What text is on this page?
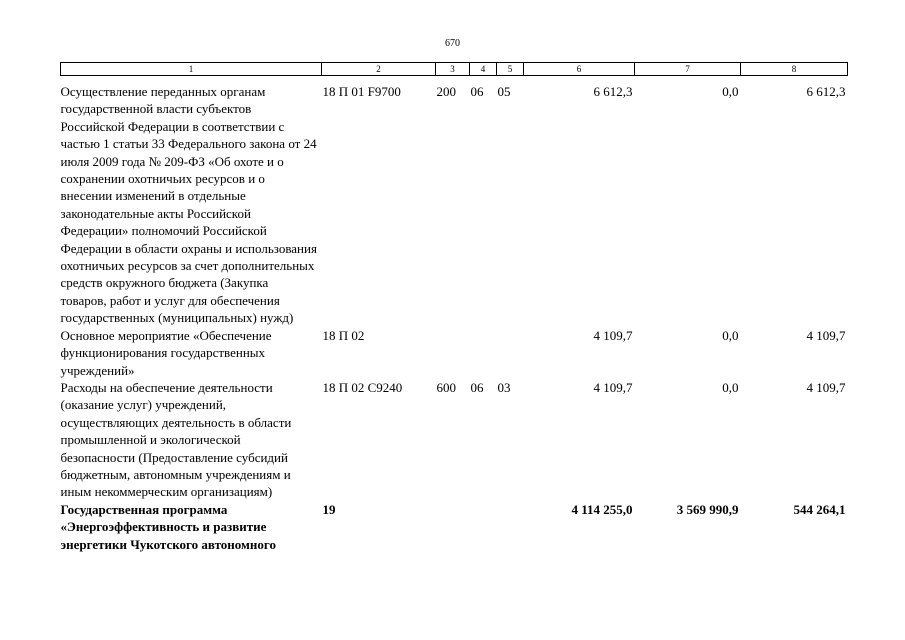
670
1	2	3	4	5	6	7	8
Осуществление переданных органам государственной власти субъектов Российской Федерации в соответствии с частью 1 статьи 33 Федерального закона от 24 июля 2009 года № 209-ФЗ «Об охоте и о сохранении охотничьих ресурсов и о внесении изменений в отдельные законодательные акты Российской Федерации» полномочий Российской Федерации в области охраны и использования охотничьих ресурсов за счет дополнительных средств окружного бюджета (Закупка товаров, работ и услуг для обеспечения государственных (муниципальных) нужд)	18 П 01 F9700	200	06	05	6 612,3	0,0	6 612,3
Основное мероприятие «Обеспечение функционирования государственных учреждений»	18 П 02				4 109,7	0,0	4 109,7
Расходы на обеспечение деятельности (оказание услуг) учреждений, осуществляющих деятельность в области промышленной и экологической безопасности (Предоставление субсидий бюджетным, автономным учреждениям и иным некоммерческим организациям)	18 П 02 С9240	600	06	03	4 109,7	0,0	4 109,7
Государственная программа «Энергоэффективность и развитие энергетики Чукотского автономного	19				4 114 255,0	3 569 990,9	544 264,1
